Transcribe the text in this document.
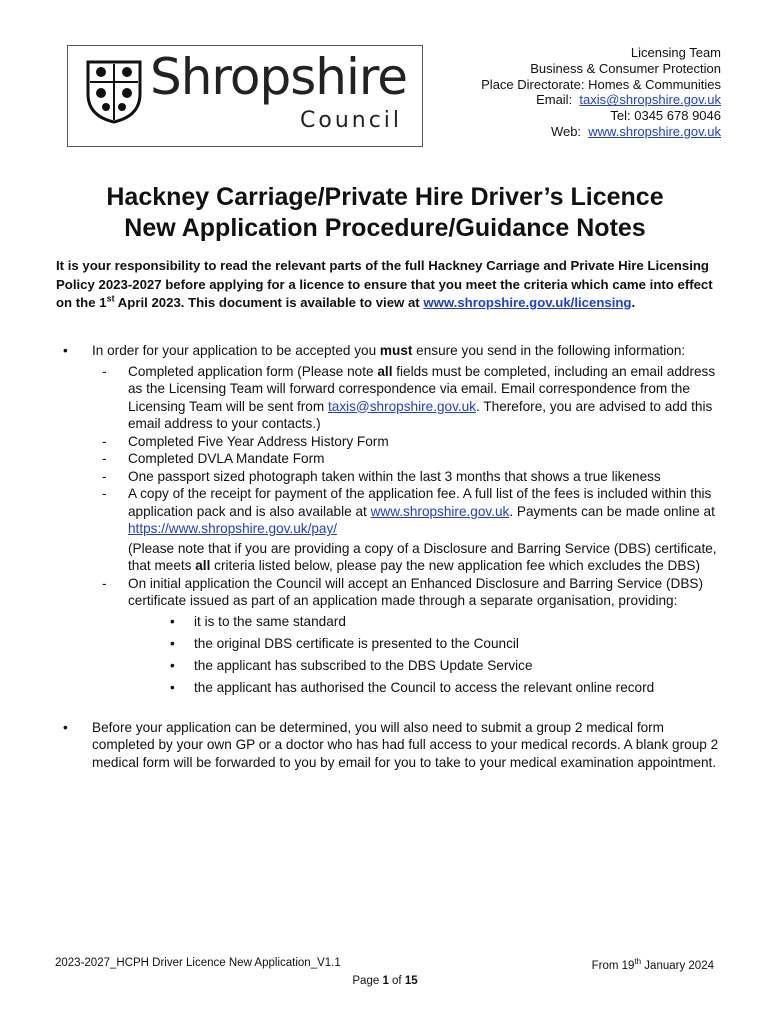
Shropshire
Council
Licensing Team
Business & Consumer Protection
Place Directorate: Homes & Communities
Email: taxis@shropshire.gov.uk
Tel: 0345 678 9046
Web: www.shropshire.gov.uk
Hackney Carriage/Private Hire Driver’s Licence
New Application Procedure/Guidance Notes
It is your responsibility to read the relevant parts of the full Hackney Carriage and Private Hire Licensing Policy 2023-2027 before applying for a licence to ensure that you meet the criteria which came into effect on the 1st April 2023. This document is available to view at www.shropshire.gov.uk/licensing.
• In order for your application to be accepted you must ensure you send in the following information:
- Completed application form (Please note all fields must be completed, including an email address as the Licensing Team will forward correspondence via email. Email correspondence from the Licensing Team will be sent from taxis@shropshire.gov.uk. Therefore, you are advised to add this email address to your contacts.)
- Completed Five Year Address History Form
- Completed DVLA Mandate Form
- One passport sized photograph taken within the last 3 months that shows a true likeness
- A copy of the receipt for payment of the application fee. A full list of the fees is included within this application pack and is also available at www.shropshire.gov.uk. Payments can be made online at https://www.shropshire.gov.uk/pay/
(Please note that if you are providing a copy of a Disclosure and Barring Service (DBS) certificate, that meets all criteria listed below, please pay the new application fee which excludes the DBS)
- On initial application the Council will accept an Enhanced Disclosure and Barring Service (DBS) certificate issued as part of an application made through a separate organisation, providing:
• it is to the same standard
• the original DBS certificate is presented to the Council
• the applicant has subscribed to the DBS Update Service
• the applicant has authorised the Council to access the relevant online record
• Before your application can be determined, you will also need to submit a group 2 medical form completed by your own GP or a doctor who has had full access to your medical records. A blank group 2 medical form will be forwarded to you by email for you to take to your medical examination appointment.
2023-2027_HCPH Driver Licence New Application_V1.1	From 19th January 2024
Page 1 of 15
